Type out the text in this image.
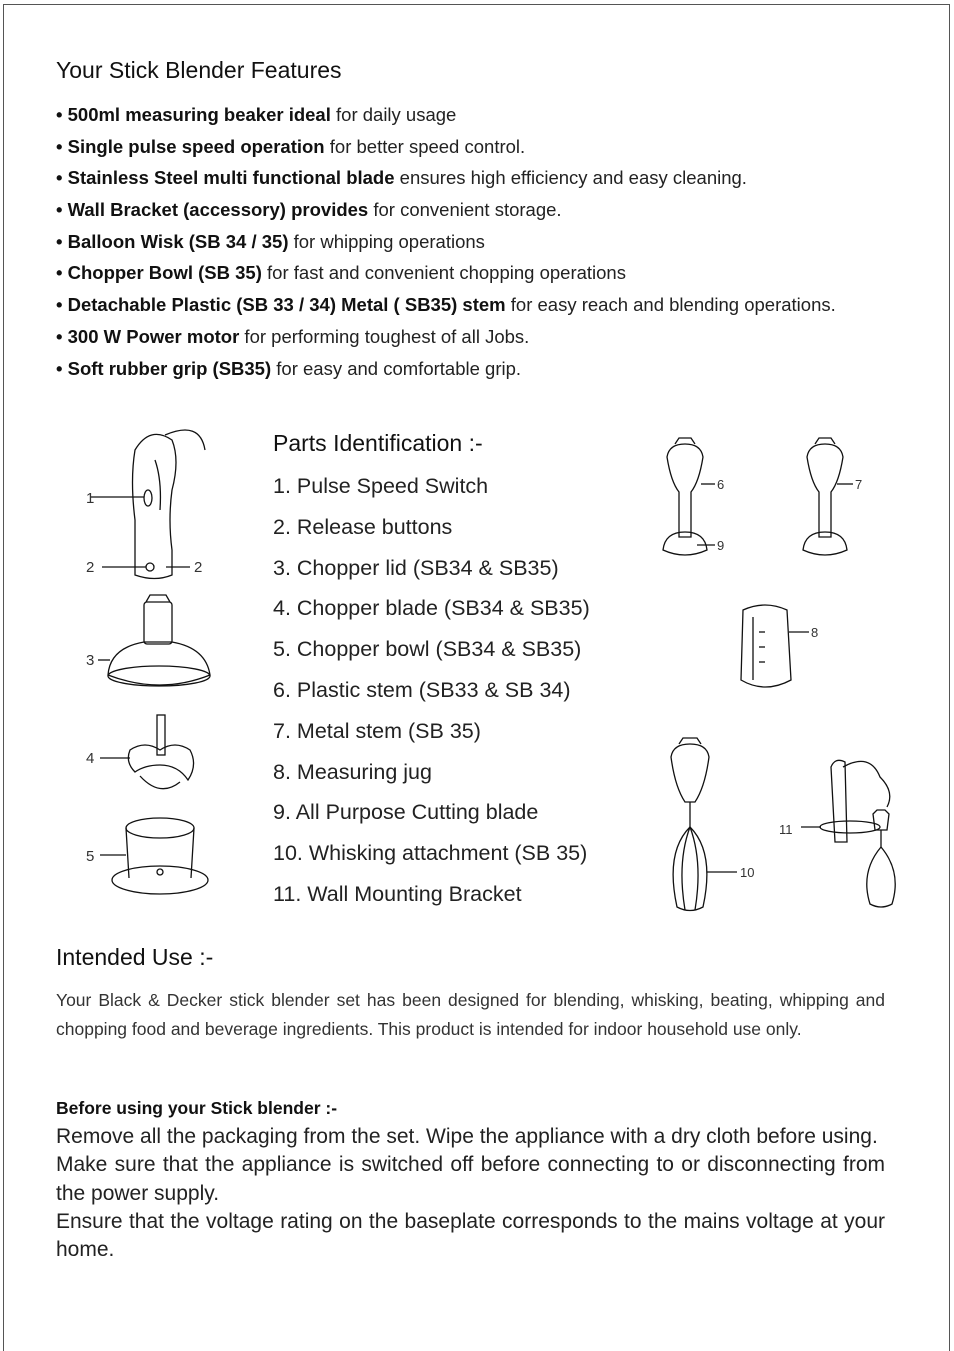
Your Stick Blender Features
• 500ml measuring beaker ideal for daily usage
• Single pulse speed operation for better speed control.
• Stainless Steel multi functional blade ensures high efficiency and easy cleaning.
• Wall Bracket (accessory) provides for convenient storage.
• Balloon Wisk (SB 34 / 35) for whipping operations
• Chopper Bowl (SB 35) for fast and convenient chopping operations
• Detachable Plastic (SB 33 / 34) Metal ( SB35) stem for easy reach and blending operations.
• 300 W Power motor for performing toughest of all Jobs.
• Soft rubber grip (SB35) for easy and comfortable grip.
1
2	2
3
4
5
Parts Identification :-
1. Pulse Speed Switch
2. Release buttons
3. Chopper lid (SB34 & SB35)
4. Chopper blade (SB34 & SB35)
5. Chopper bowl (SB34 & SB35)
6. Plastic stem (SB33 & SB 34)
7. Metal stem (SB 35)
8. Measuring jug
9. All Purpose Cutting blade
10. Whisking attachment (SB 35)
11. Wall Mounting Bracket
6
9
7
8
10
11
Intended Use :-

Your Black & Decker stick blender set has been designed for blending, whisking, beating, whipping and chopping food and beverage ingredients. This product is intended for indoor household use only.

Before using your Stick blender :-

Remove all the packaging from the set. Wipe the appliance with a dry cloth before using.

Make sure that the appliance is switched off before connecting to or disconnecting from the power supply.

Ensure that the voltage rating on the baseplate corresponds to the mains voltage at your home.
